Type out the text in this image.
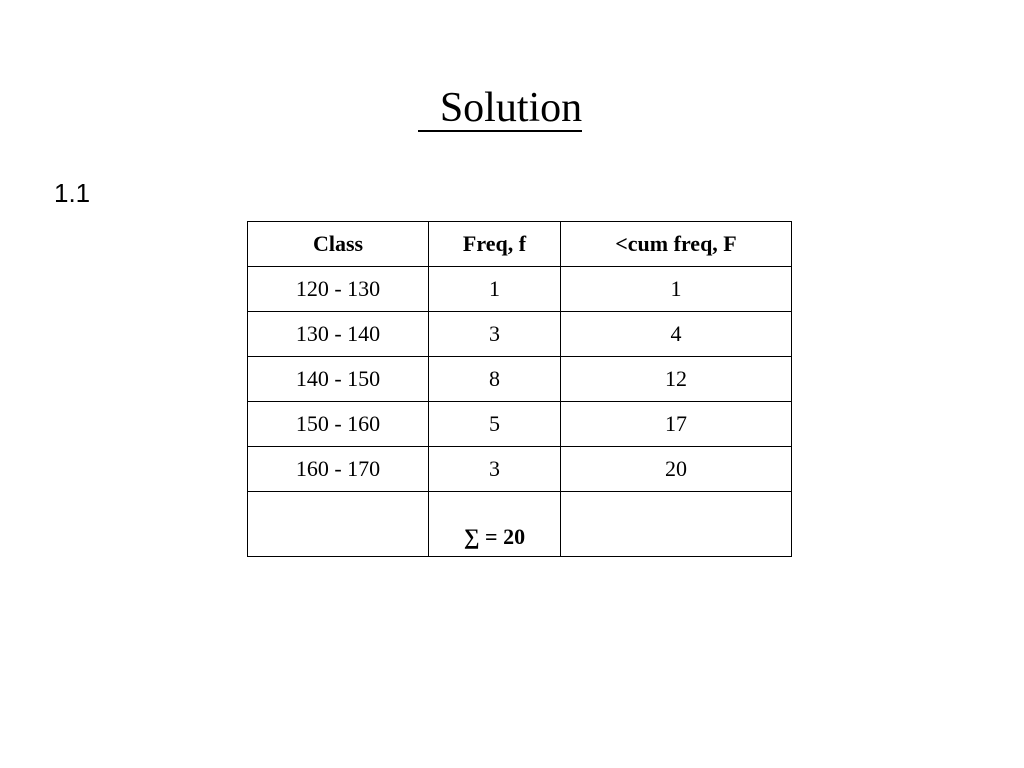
Solution
1.1
Class	Freq, f	<cum freq, F
120 - 130	1	1
130 - 140	3	4
140 - 150	8	12
150 - 160	5	17
160 - 170	3	20
	∑ = 20	
